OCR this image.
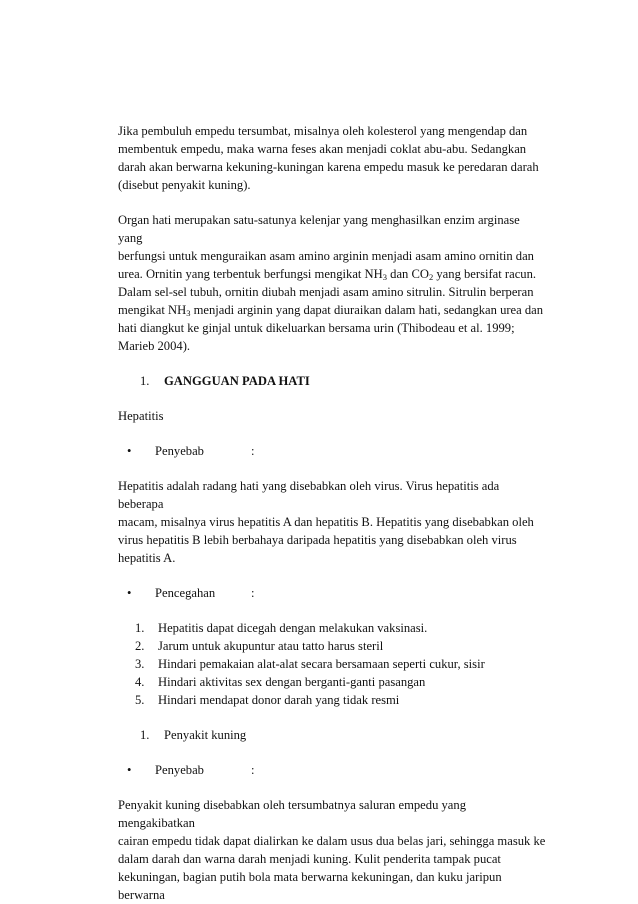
Jika pembuluh empedu tersumbat, misalnya oleh kolesterol yang mengendap dan

membentuk empedu, maka warna feses akan menjadi coklat abu-abu. Sedangkan

darah akan berwarna kekuning-kuningan karena empedu masuk ke peredaran darah

(disebut penyakit kuning).

Organ hati merupakan satu-satunya kelenjar yang menghasilkan enzim arginase yang

berfungsi untuk menguraikan asam amino arginin menjadi asam amino ornitin dan

urea. Ornitin yang terbentuk berfungsi mengikat $NH_3$ dan $CO_2$ yang bersifat racun.

Dalam sel-sel tubuh, ornitin diubah menjadi asam amino sitrulin. Sitrulin berperan

mengikat $NH_3$ menjadi arginin yang dapat diuraikan dalam hati, sedangkan urea dan

hati diangkut ke ginjal untuk dikeluarkan bersama urin (Thibodeau et al. 1999;

Marieb 2004).

1. GANGGUAN PADA HATI
Hepatitis
• Penyebab	:

Hepatitis adalah radang hati yang disebabkan oleh virus. Virus hepatitis ada beberapa

macam, misalnya virus hepatitis A dan hepatitis B. Hepatitis yang disebabkan oleh

virus hepatitis B lebih berbahaya daripada hepatitis yang disebabkan oleh virus

hepatitis A.

• Pencegahan	:
1. Hepatitis dapat dicegah dengan melakukan vaksinasi.
2. Jarum untuk akupuntur atau tatto harus steril
3. Hindari pemakaian alat-alat secara bersamaan seperti cukur, sisir
4. Hindari aktivitas sex dengan berganti-ganti pasangan
5. Hindari mendapat donor darah yang tidak resmi
1. Penyakit kuning
• Penyebab	:

Penyakit kuning disebabkan oleh tersumbatnya saluran empedu yang mengakibatkan

cairan empedu tidak dapat dialirkan ke dalam usus dua belas jari, sehingga masuk ke

dalam darah dan warna darah menjadi kuning. Kulit penderita tampak pucat

kekuningan, bagian putih bola mata berwarna kekuningan, dan kuku jaripun berwarna
